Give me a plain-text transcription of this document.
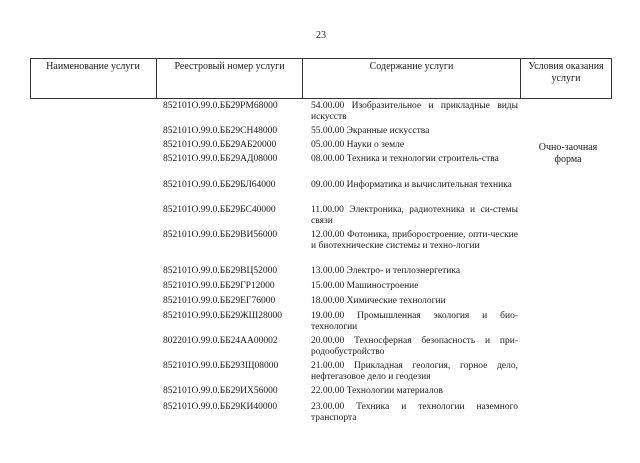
23
Наименование услуги	Реестровый номер услуги	Содержание услуги	Условия оказания услуги
852101О.99.0.ББ29РМ68000	54.00.00 Изобразительное и прикладные виды искусств
852101О.99.0.ББ29СН48000	55.00.00 Экранные искусства
852101О.99.0.ББ29АБ20000	05.00.00 Науки о земле
852101О.99.0.ББ29АД08000	08.00.00 Техника и технологии строитель-ства
852101О.99.0.ББ29БЛ64000	09.00.00 Информатика и вычислительная техника
852101О.99.0.ББ29БС40000	11.00.00 Электроника, радиотехника и си-стемы связи
852101О.99.0.ББ29ВИ56000	12.00.00 Фотоника, приборостроение, опти-ческие и биотехнические системы и техно-логии
852101О.99.0.ББ29ВЦ52000	13.00.00 Электро- и теплоэнергетика
852101О.99.0.ББ29ГР12000	15.00.00 Машиностроение
852101О.99.0.ББ29ЕГ76000	18.00.00 Химические технологии
852101О.99.0.ББ29ЖШ28000	19.00.00 Промышленная экология и био-технологии
802201О.99.0.ББ24АА00002	20.00.00 Техносферная безопасность и при-родообустройство
852101О.99.0.ББ29ЗЩ08000	21.00.00 Прикладная геология, горное дело, нефтегазовое дело и геодезия
852101О.99.0.ББ29ИХ56000	22.00.00 Технологии материалов
852101О.99.0.ББ29КИ40000	23.00.00 Техника и технологии наземного транспорта
Очно-заочная форма
